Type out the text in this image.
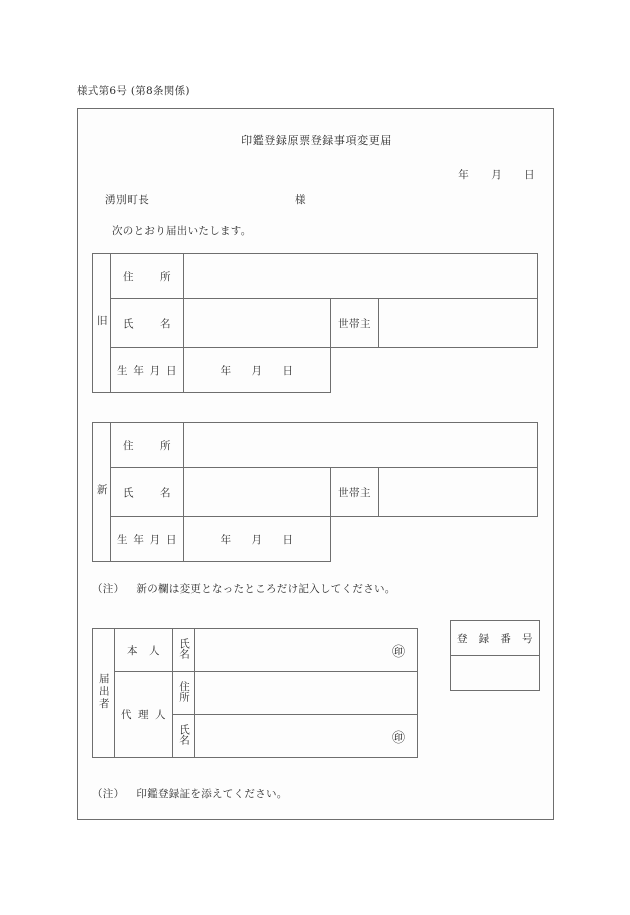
様式第6号 (第8条関係)
印鑑登録原票登録事項変更届
年 月 日
湧別町長	様
次のとおり届出いたします。
旧	住所			

	氏名		世帯主	

	生年月日	年 月 日		

新	住所			

	氏名		世帯主	

	生年月日	年 月 日		

（注） 新の欄は変更となったところだけ記入してください。
登録番号

届出者	本人	氏名	㊞

	代理人	住所	
		氏名	㊞
（注） 印鑑登録証を添えてください。
